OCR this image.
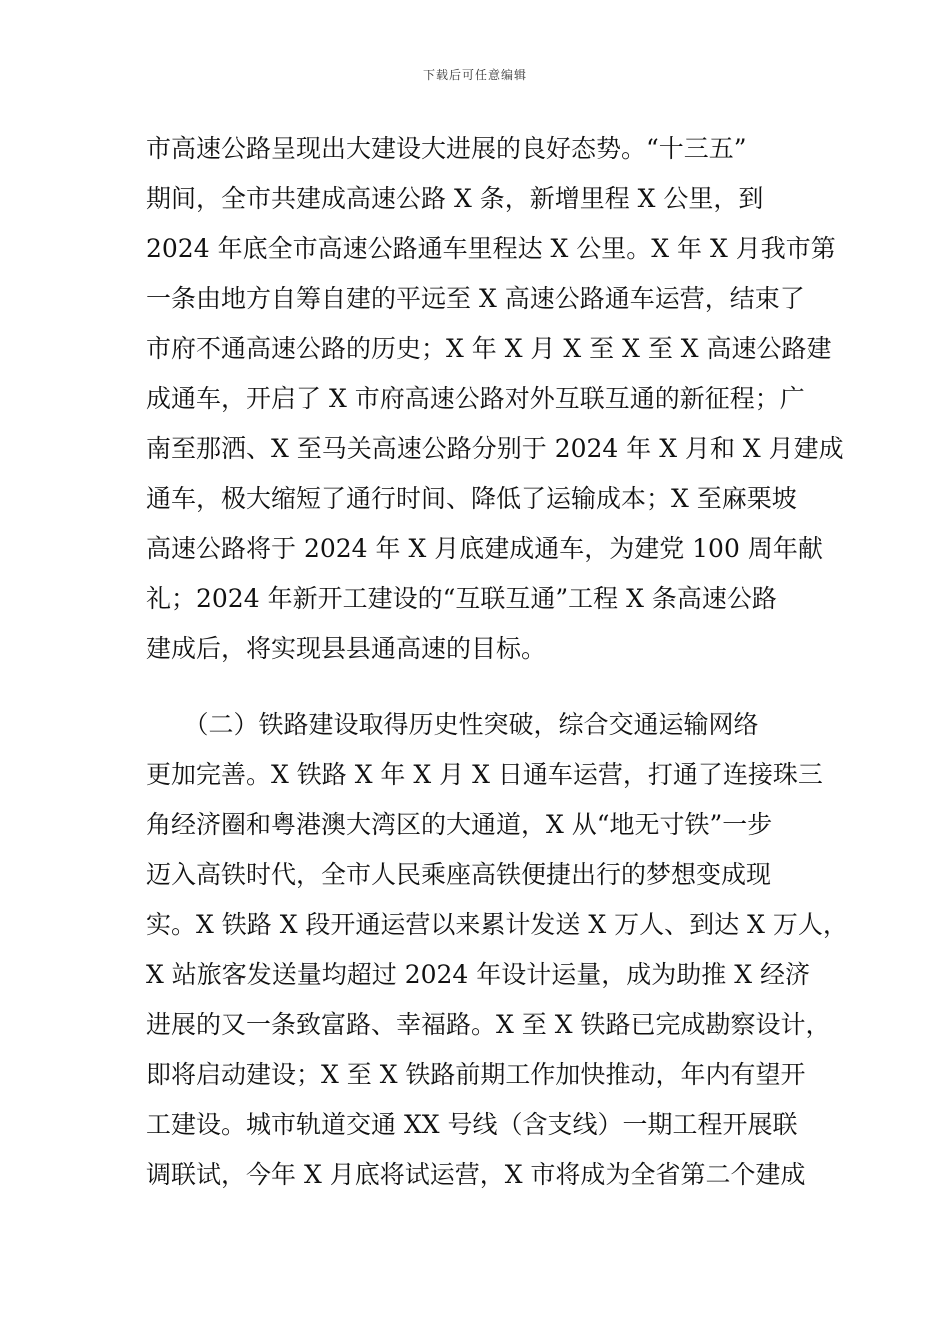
下载后可任意编辑
市高速公路呈现出大建设大进展的良好态势。“十三五”
期间，全市共建成高速公路 X 条，新增里程 X 公里，到
2024 年底全市高速公路通车里程达 X 公里。X 年 X 月我市第
一条由地方自筹自建的平远至 X 高速公路通车运营，结束了
市府不通高速公路的历史；X 年 X 月 X 至 X 至 X 高速公路建
成通车，开启了 X 市府高速公路对外互联互通的新征程；广
南至那洒、X 至马关高速公路分别于 2024 年 X 月和 X 月建成
通车，极大缩短了通行时间、降低了运输成本；X 至麻栗坡
高速公路将于 2024 年 X 月底建成通车，为建党 100 周年献
礼；2024 年新开工建设的“互联互通”工程 X 条高速公路
建成后，将实现县县通高速的目标。
　　（二）铁路建设取得历史性突破，综合交通运输网络
更加完善。X 铁路 X 年 X 月 X 日通车运营，打通了连接珠三
角经济圈和粤港澳大湾区的大通道，X 从“地无寸铁”一步
迈入高铁时代，全市人民乘座高铁便捷出行的梦想变成现
实。X 铁路 X 段开通运营以来累计发送 X 万人、到达 X 万人，
X 站旅客发送量均超过 2024 年设计运量，成为助推 X 经济
进展的又一条致富路、幸福路。X 至 X 铁路已完成勘察设计，
即将启动建设；X 至 X 铁路前期工作加快推动，年内有望开
工建设。城市轨道交通 XX 号线（含支线）一期工程开展联
调联试，今年 X 月底将试运营，X 市将成为全省第二个建成
